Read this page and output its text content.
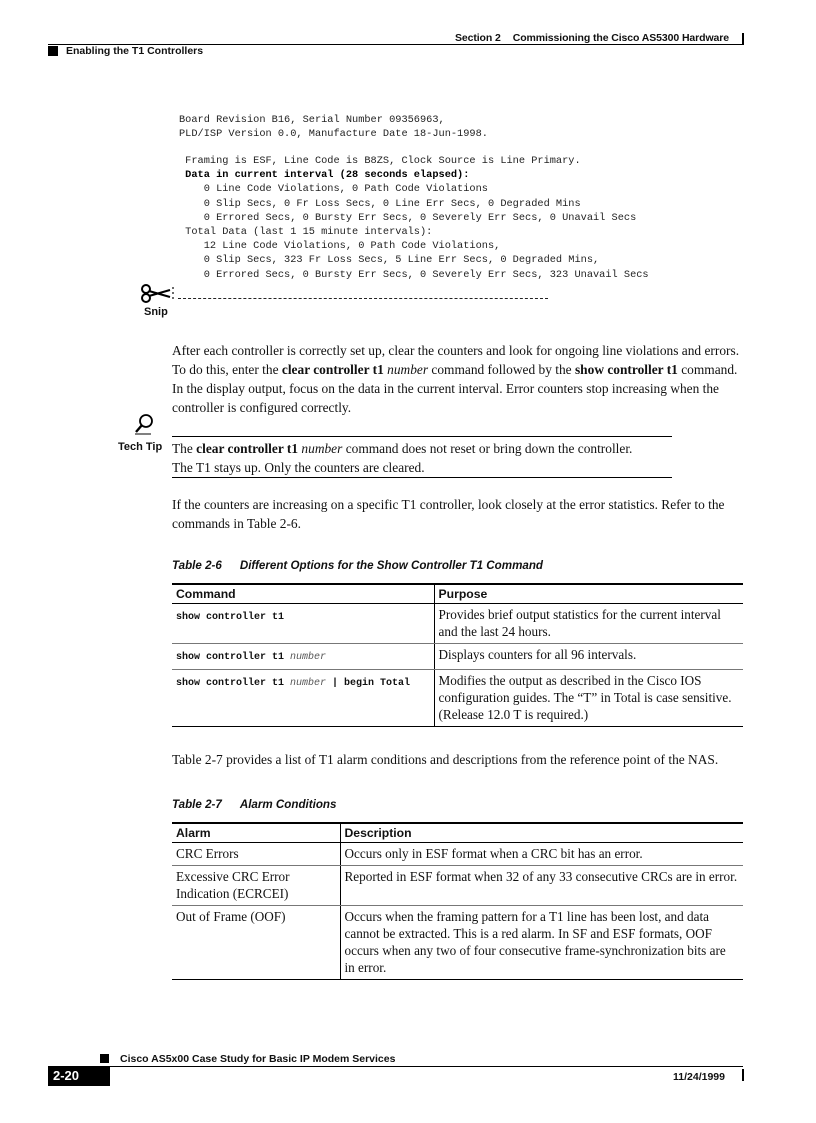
Section 2 Commissioning the Cisco AS5300 Hardware
Enabling the T1 Controllers
Board Revision B16, Serial Number 09356963,
PLD/ISP Version 0.0, Manufacture Date 18-Jun-1998.
Framing is ESF, Line Code is B8ZS, Clock Source is Line Primary.
Data in current interval (28 seconds elapsed):
0 Line Code Violations, 0 Path Code Violations
0 Slip Secs, 0 Fr Loss Secs, 0 Line Err Secs, 0 Degraded Mins
0 Errored Secs, 0 Bursty Err Secs, 0 Severely Err Secs, 0 Unavail Secs
Total Data (last 1 15 minute intervals):
12 Line Code Violations, 0 Path Code Violations,
0 Slip Secs, 323 Fr Loss Secs, 5 Line Err Secs, 0 Degraded Mins,
0 Errored Secs, 0 Bursty Err Secs, 0 Severely Err Secs, 323 Unavail Secs
Snip
After each controller is correctly set up, clear the counters and look for ongoing line violations and errors. To do this, enter the clear controller t1 number command followed by the show controller t1 command. In the display output, focus on the data in the current interval. Error counters stop increasing when the controller is configured correctly.
Tech Tip The clear controller t1 number command does not reset or bring down the controller.
The T1 stays up. Only the counters are cleared.
If the counters are increasing on a specific T1 controller, look closely at the error statistics. Refer to the commands in Table 2-6.
Table 2-6 Different Options for the Show Controller T1 Command
Command	Purpose
show controller t1	Provides brief output statistics for the current interval and the last 24 hours.
show controller t1 number	Displays counters for all 96 intervals.
show controller t1 number | begin Total	Modifies the output as described in the Cisco IOS configuration guides. The “T” in Total is case sensitive. (Release 12.0 T is required.)
Table 2-7 provides a list of T1 alarm conditions and descriptions from the reference point of the NAS.
Table 2-7 Alarm Conditions
Alarm	Description
CRC Errors	Occurs only in ESF format when a CRC bit has an error.
Excessive CRC Error Indication (ECRCEI)	Reported in ESF format when 32 of any 33 consecutive CRCs are in error.
Out of Frame (OOF)	Occurs when the framing pattern for a T1 line has been lost, and data cannot be extracted. This is a red alarm. In SF and ESF formats, OOF occurs when any two of four consecutive frame-synchronization bits are in error.
Cisco AS5x00 Case Study for Basic IP Modem Services
2-20	11/24/1999
